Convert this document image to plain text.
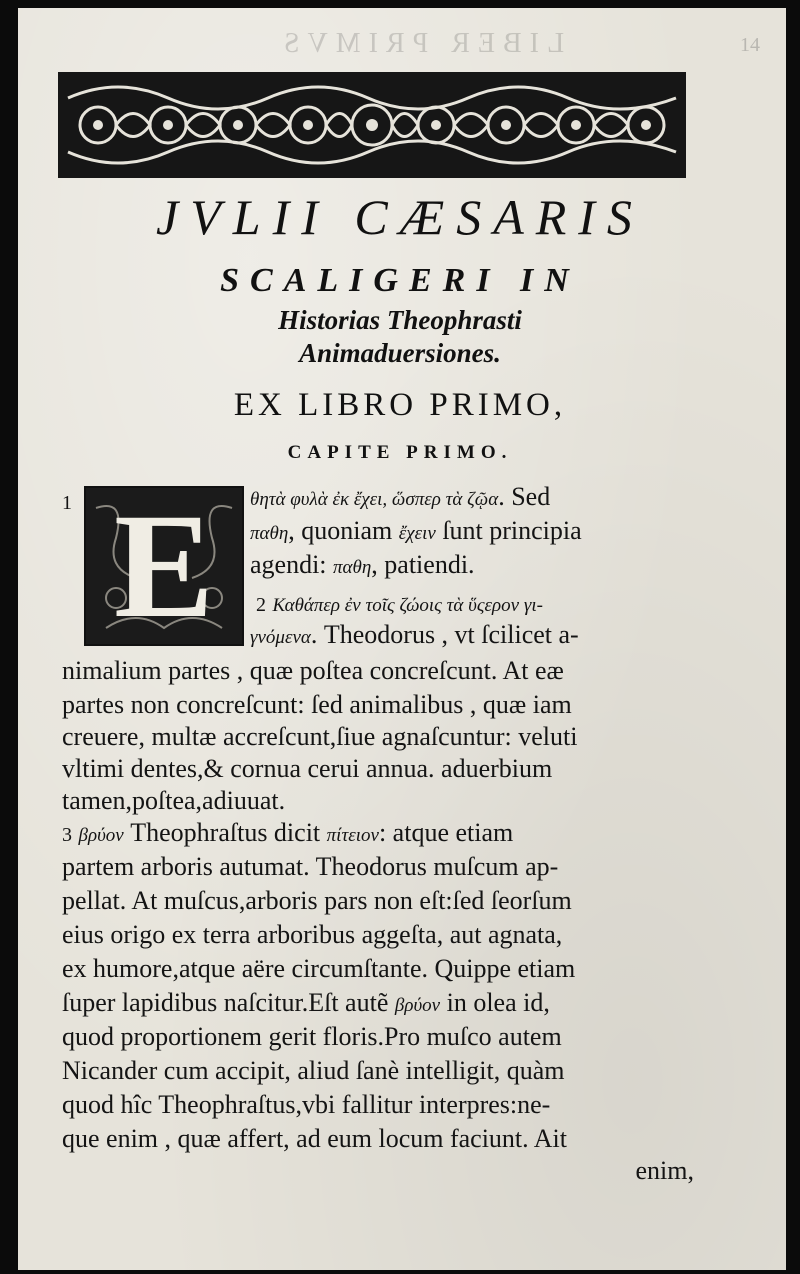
LIBER PRIMVS	14
JVLII CÆSARIS
SCALIGERI IN
Historias Theophrasti
Animaduersiones.
EX LIBRO PRIMO,
CAPITE PRIMO.
E
1	θητὰ φυλὰ ἐκ ἔχει, ὥσπερ τὰ ζῷα. Sed
παθη, quoniam ἔχειν ſunt principia
agendi: παθη, patiendi.
2 Καθάπερ ἐν τοῖς ζώοις τὰ ὕςερον γι-
γνόμενα. Theodorus , vt ſcilicet a-
nimalium partes , quæ poſtea concreſcunt. At eæ
partes non concreſcunt: ſed animalibus , quæ iam
creuere, multæ accreſcunt,ſiue agnaſcuntur: veluti
vltimi dentes,& cornua cerui annua. aduerbium
tamen,poſtea,adiuuat.
3 βρύον Theophraſtus dicit πίτειον: atque etiam
partem arboris autumat. Theodorus muſcum ap-
pellat. At muſcus,arboris pars non eſt:ſed ſeorſum
eius origo ex terra arboribus aggeſta, aut agnata,
ex humore,atque aëre circumſtante. Quippe etiam
ſuper lapidibus naſcitur.Eſt autẽ βρύον in olea id,
quod proportionem gerit floris.Pro muſco autem
Nicander cum accipit, aliud ſanè intelligit, quàm
quod hîc Theophraſtus,vbi fallitur interpres:ne-
que enim , quæ affert, ad eum locum faciunt. Ait
enim,
